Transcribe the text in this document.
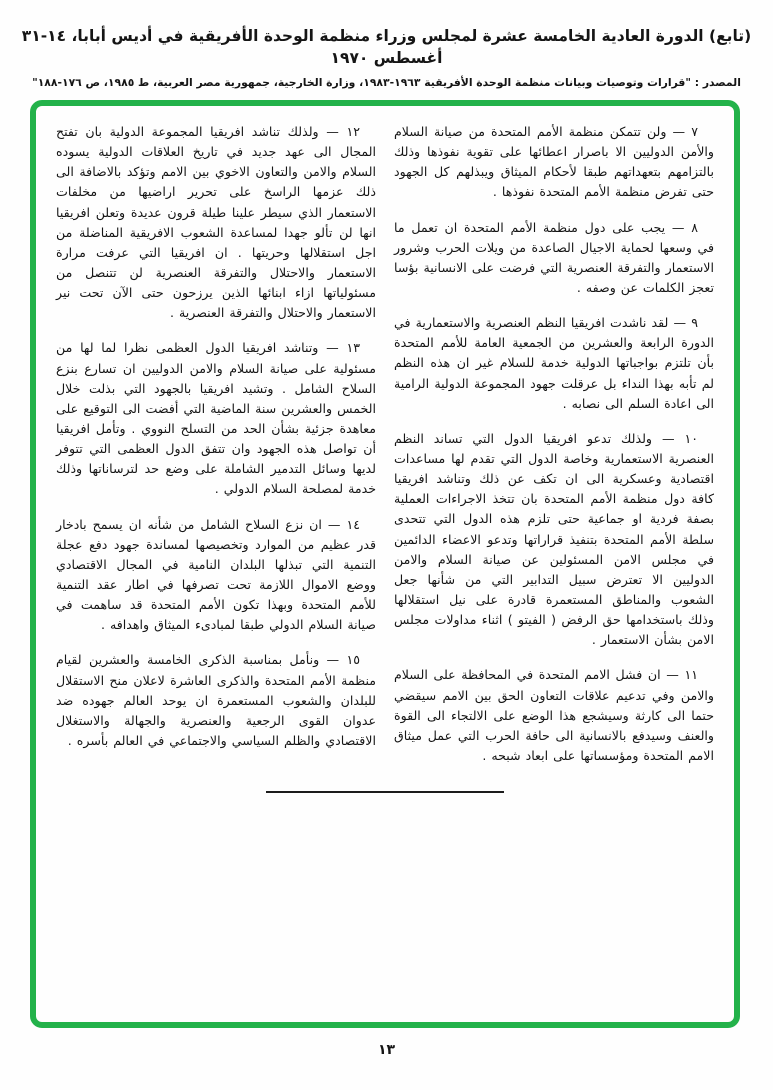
(تابع) الدورة العادية الخامسة عشرة لمجلس وزراء منظمة الوحدة الأفريقية في أديس أبابا، ١٤-٣١ أغسطس ١٩٧٠
المصدر : "قرارات وتوصيات وبيانات منظمة الوحدة الأفريقية ١٩٦٣-١٩٨٣، وزارة الخارجية، جمهورية مصر العربية، ط ١٩٨٥، ص ١٧٦-١٨٨"

٧ — ولن تتمكن منظمة الأمم المتحدة من صيانة السلام والأمن الدوليين الا باصرار اعطائها على تقوية نفوذها وذلك بالتزامهم بتعهداتهم طبقا لأحكام الميثاق ويبذلهم كل الجهود حتى تفرض منظمة الأمم المتحدة نفوذها .

٨ — يجب على دول منظمة الأمم المتحدة ان تعمل ما في وسعها لحماية الاجيال الصاعدة من ويلات الحرب وشرور الاستعمار والتفرقة العنصرية التي فرضت على الانسانية بؤسا تعجز الكلمات عن وصفه .

٩ — لقد ناشدت افريقيا النظم العنصرية والاستعمارية في الدورة الرابعة والعشرين من الجمعية العامة للأمم المتحدة بأن تلتزم بواجباتها الدولية خدمة للسلام غير ان هذه النظم لم تأبه بهذا النداء بل عرقلت جهود المجموعة الدولية الرامية الى اعادة السلم الى نصابه .

١٠ — ولذلك تدعو افريقيا الدول التي تساند النظم العنصرية الاستعمارية وخاصة الدول التي تقدم لها مساعدات اقتصادية وعسكرية الى ان تكف عن ذلك وتناشد افريقيا كافة دول منظمة الأمم المتحدة بان تتخذ الاجراءات العملية بصفة فردية او جماعية حتى تلزم هذه الدول التي تتحدى سلطة الأمم المتحدة بتنفيذ قراراتها وتدعو الاعضاء الدائمين في مجلس الامن المسئولين عن صيانة السلام والامن الدوليين الا تعترض سبيل التدابير التي من شأنها جعل الشعوب والمناطق المستعمرة قادرة على نيل استقلالها وذلك باستخدامها حق الرفض ( الفيتو ) اثناء مداولات مجلس الامن بشأن الاستعمار .

١١ — ان فشل الامم المتحدة في المحافظة على السلام والامن وفي تدعيم علاقات التعاون الحق بين الامم سيقضي حتما الى كارثة وسيشجع هذا الوضع على الالتجاء الى القوة والعنف وسيدفع بالانسانية الى حافة الحرب التي عمل ميثاق الامم المتحدة ومؤسساتها على ابعاد شبحه .

١٢ — ولذلك تناشد افريقيا المجموعة الدولية بان تفتح المجال الى عهد جديد في تاريخ العلاقات الدولية يسوده السلام والامن والتعاون الاخوي بين الامم وتؤكد بالاضافة الى ذلك عزمها الراسخ على تحرير اراضيها من مخلفات الاستعمار الذي سيطر علينا طيلة قرون عديدة وتعلن افريقيا انها لن تألو جهدا لمساعدة الشعوب الافريقية المناضلة من اجل استقلالها وحريتها . ان افريقيا التي عرفت مرارة الاستعمار والاحتلال والتفرقة العنصرية لن تتنصل من مسئولياتها ازاء ابنائها الذين يرزحون حتى الآن تحت نير الاستعمار والاحتلال والتفرقة العنصرية .

١٣ — وتناشد افريقيا الدول العظمى نظرا لما لها من مسئولية على صيانة السلام والامن الدوليين ان تسارع بنزع السلاح الشامل . وتشيد افريقيا بالجهود التي بذلت خلال الخمس والعشرين سنة الماضية التي أفضت الى التوقيع على معاهدة جزئية بشأن الحد من التسلح النووي . وتأمل افريقيا أن تواصل هذه الجهود وان تتفق الدول العظمى التي تتوفر لديها وسائل التدمير الشاملة على وضع حد لترساناتها وذلك خدمة لمصلحة السلام الدولي .

١٤ — ان نزع السلاح الشامل من شأنه ان يسمح بادخار قدر عظيم من الموارد وتخصيصها لمساندة جهود دفع عجلة التنمية التي تبذلها البلدان النامية في المجال الاقتصادي ووضع الاموال اللازمة تحت تصرفها في اطار عقد التنمية للأمم المتحدة وبهذا تكون الأمم المتحدة قد ساهمت في صيانة السلام الدولي طبقا لمبادىء الميثاق واهدافه .

١٥ — ونأمل بمناسبة الذكرى الخامسة والعشرين لقيام منظمة الأمم المتحدة والذكرى العاشرة لاعلان منح الاستقلال للبلدان والشعوب المستعمرة ان يوحد العالم جهوده ضد عدوان القوى الرجعية والعنصرية والجهالة والاستغلال الاقتصادي والظلم السياسي والاجتماعي في العالم بأسره .

١٣
